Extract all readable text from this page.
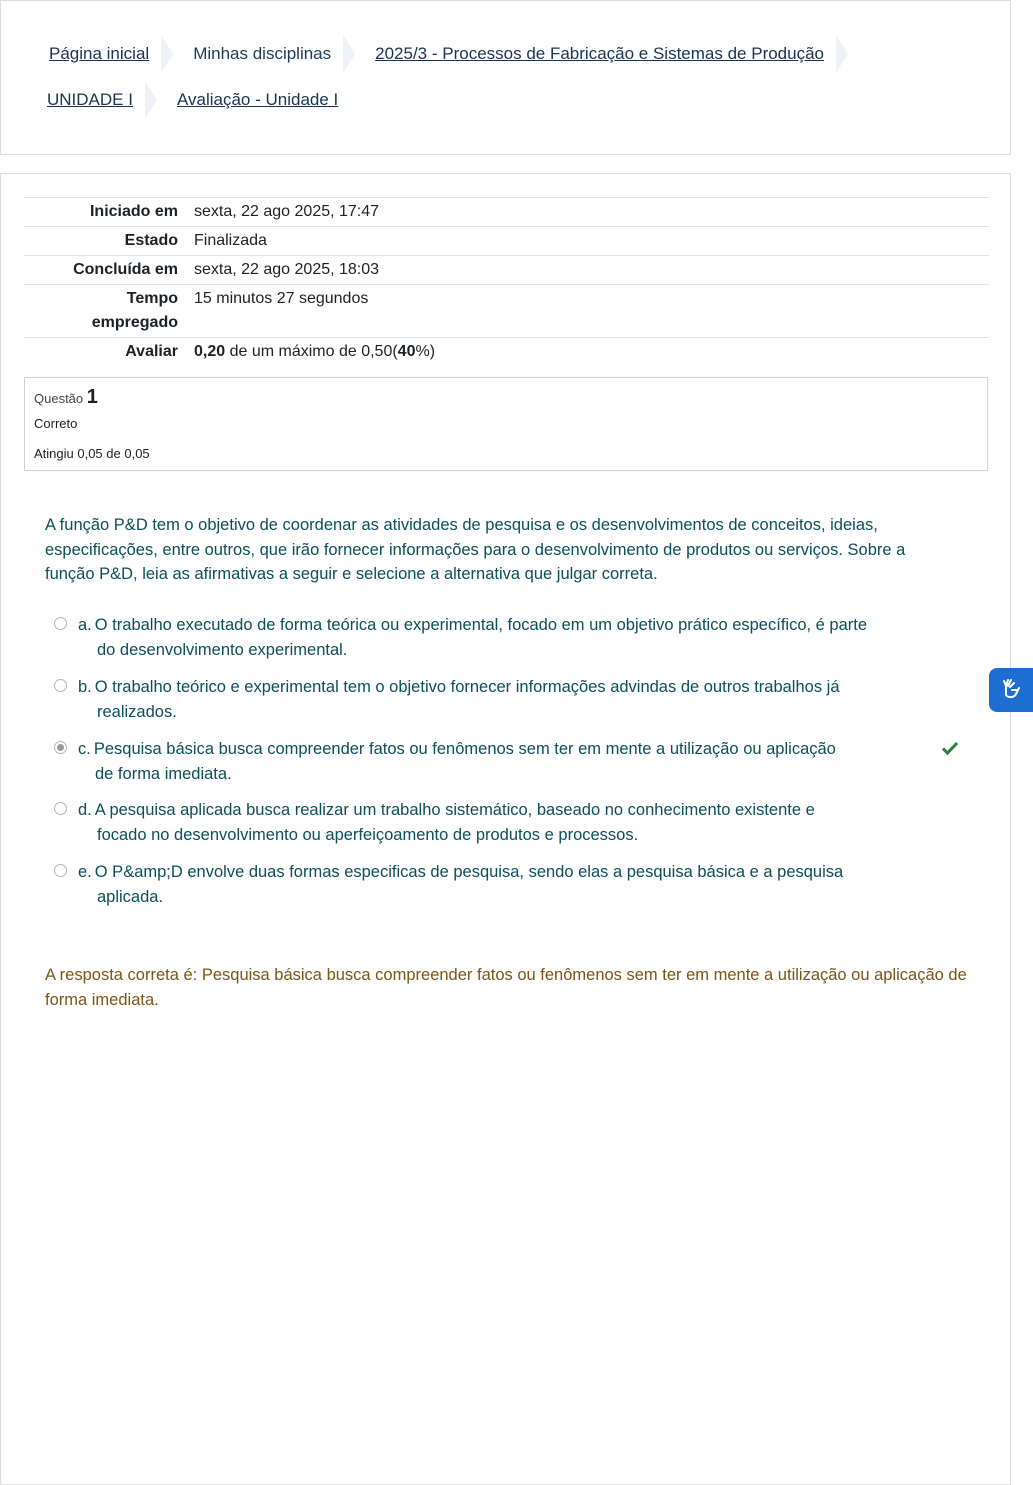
Página inicial	Minhas disciplinas	2025/3 - Processos de Fabricação e Sistemas de Produção
UNIDADE I	Avaliação - Unidade I
Iniciado em	sexta, 22 ago 2025, 17:47
Estado	Finalizada
Concluída em	sexta, 22 ago 2025, 18:03
Tempo
empregado	15 minutos 27 segundos
Avaliar	0,20 de um máximo de 0,50(40%)
Questão 1
Correto
Atingiu 0,05 de 0,05
A função P&D tem o objetivo de coordenar as atividades de pesquisa e os desenvolvimentos de conceitos, ideias, especificações, entre outros, que irão fornecer informações para o desenvolvimento de produtos ou serviços. Sobre a função P&D, leia as afirmativas a seguir e selecione a alternativa que julgar correta.
a. O trabalho executado de forma teórica ou experimental, focado em um objetivo prático específico, é parte
do desenvolvimento experimental.
b. O trabalho teórico e experimental tem o objetivo fornecer informações advindas de outros trabalhos já
realizados.
c. Pesquisa básica busca compreender fatos ou fenômenos sem ter em mente a utilização ou aplicação
de forma imediata.
d. A pesquisa aplicada busca realizar um trabalho sistemático, baseado no conhecimento existente e
focado no desenvolvimento ou aperfeiçoamento de produtos e processos.
e. O P&amp;D envolve duas formas especificas de pesquisa, sendo elas a pesquisa básica e a pesquisa
aplicada.
A resposta correta é: Pesquisa básica busca compreender fatos ou fenômenos sem ter em mente a utilização ou aplicação de forma imediata.
